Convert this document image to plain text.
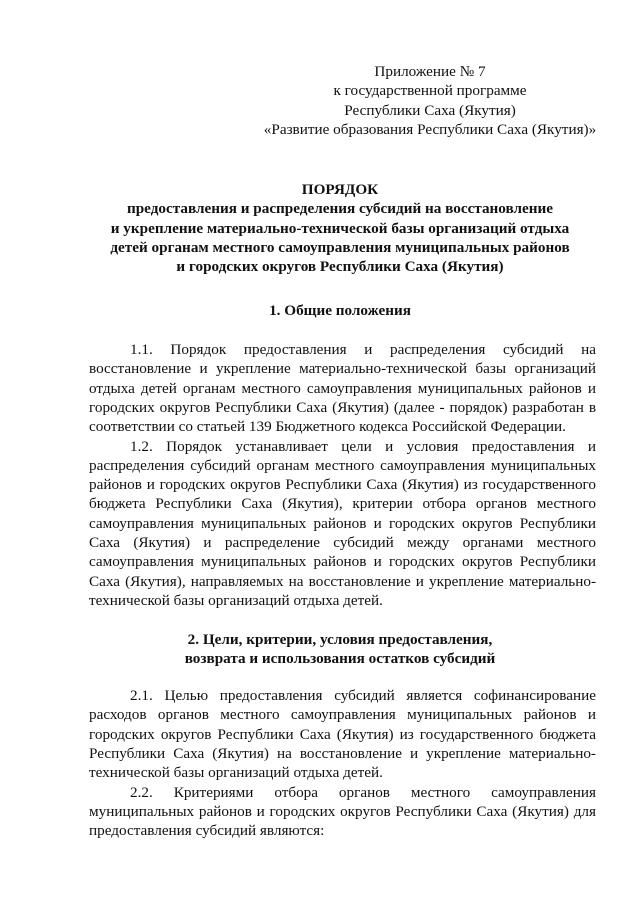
Приложение № 7
к государственной программе
Республики Саха (Якутия)
«Развитие образования Республики Саха (Якутия)»
ПОРЯДОК
предоставления и распределения субсидий на восстановление
и укрепление материально-технической базы организаций отдыха
детей органам местного самоуправления муниципальных районов
и городских округов Республики Саха (Якутия)
1. Общие положения
1.1. Порядок предоставления и распределения субсидий на
восстановление и укрепление материально-технической базы организаций
отдыха детей органам местного самоуправления муниципальных районов и
городских округов Республики Саха (Якутия) (далее - порядок) разработан в
соответствии со статьей 139 Бюджетного кодекса Российской Федерации.
1.2. Порядок устанавливает цели и условия предоставления и
распределения субсидий органам местного самоуправления муниципальных
районов и городских округов Республики Саха (Якутия) из государственного
бюджета Республики Саха (Якутия), критерии отбора органов местного
самоуправления муниципальных районов и городских округов Республики
Саха (Якутия) и распределение субсидий между органами местного
самоуправления муниципальных районов и городских округов Республики
Саха (Якутия), направляемых на восстановление и укрепление материально-
технической базы организаций отдыха детей.
2. Цели, критерии, условия предоставления,
возврата и использования остатков субсидий
2.1. Целью предоставления субсидий является софинансирование
расходов органов местного самоуправления муниципальных районов и
городских округов Республики Саха (Якутия) из государственного бюджета
Республики Саха (Якутия) на восстановление и укрепление материально-
технической базы организаций отдыха детей.
2.2. Критериями отбора органов местного самоуправления
муниципальных районов и городских округов Республики Саха (Якутия) для
предоставления субсидий являются:
